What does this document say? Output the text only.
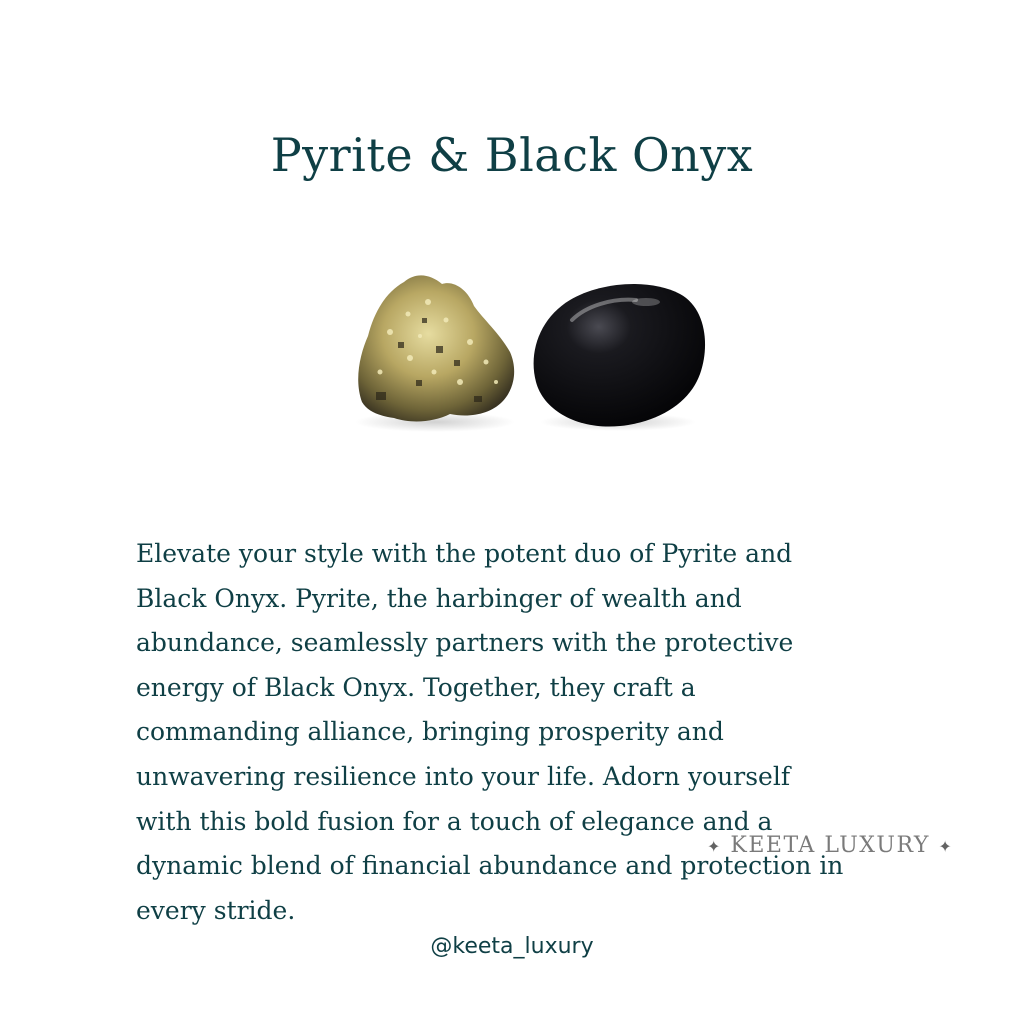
Pyrite & Black Onyx

Elevate your style with the potent duo of Pyrite and
Black Onyx. Pyrite, the harbinger of wealth and
abundance, seamlessly partners with the protective
energy of Black Onyx. Together, they craft a
commanding alliance, bringing prosperity and
unwavering resilience into your life. Adorn yourself
with this bold fusion for a touch of elegance and a
dynamic blend of financial abundance and protection in
every stride.

✦ KEETA LUXURY ✦
@keeta_luxury
